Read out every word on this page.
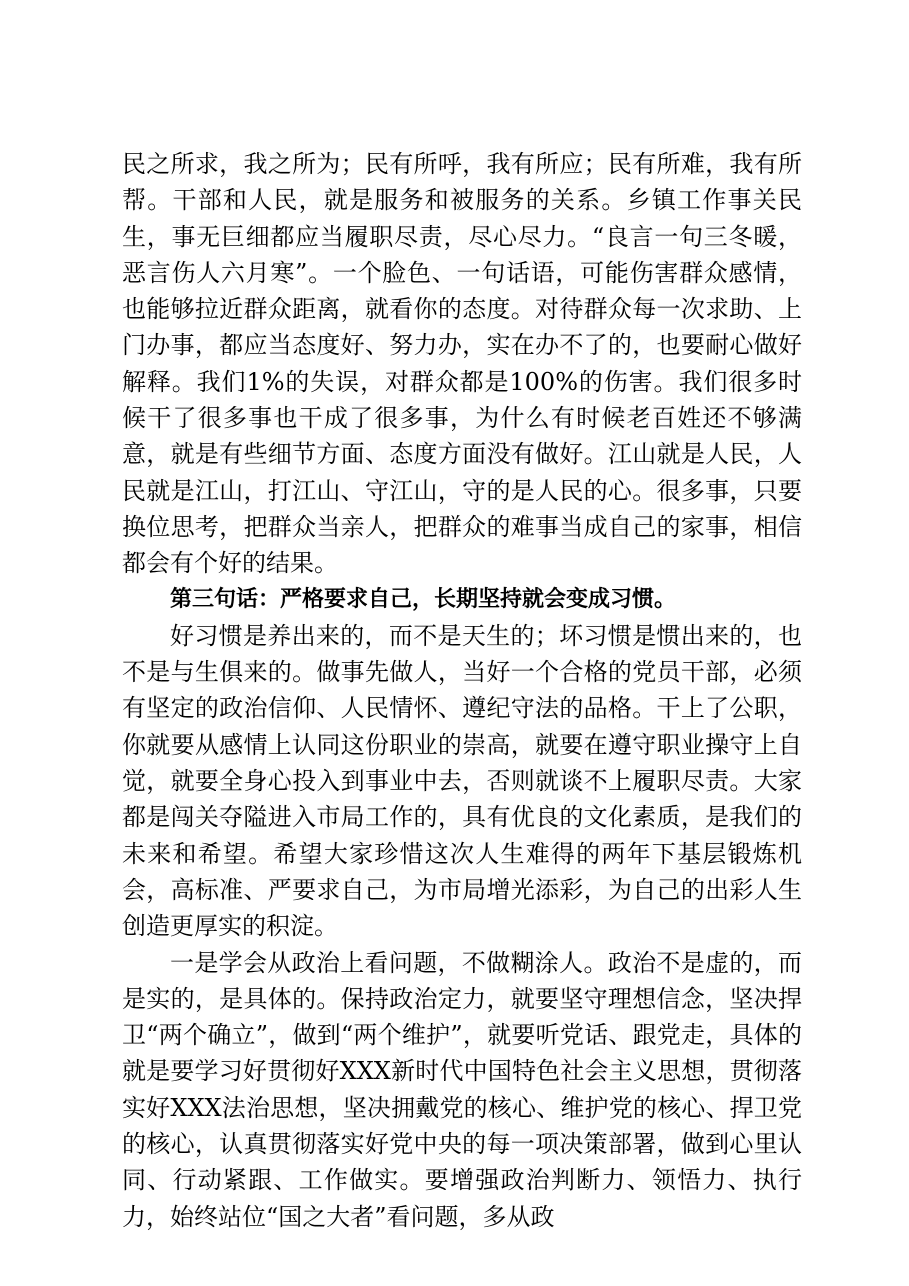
民之所求，我之所为；民有所呼，我有所应；民有所难，我有所帮。干部和人民，就是服务和被服务的关系。乡镇工作事关民生，事无巨细都应当履职尽责，尽心尽力。“良言一句三冬暖，恶言伤人六月寒”。一个脸色、一句话语，可能伤害群众感情，也能够拉近群众距离，就看你的态度。对待群众每一次求助、上门办事，都应当态度好、努力办，实在办不了的，也要耐心做好解释。我们1%的失误，对群众都是100%的伤害。我们很多时候干了很多事也干成了很多事，为什么有时候老百姓还不够满意，就是有些细节方面、态度方面没有做好。江山就是人民，人民就是江山，打江山、守江山，守的是人民的心。很多事，只要换位思考，把群众当亲人，把群众的难事当成自己的家事，相信都会有个好的结果。

第三句话：严格要求自己，长期坚持就会变成习惯。

好习惯是养出来的，而不是天生的；坏习惯是惯出来的，也不是与生俱来的。做事先做人，当好一个合格的党员干部，必须有坚定的政治信仰、人民情怀、遵纪守法的品格。干上了公职，你就要从感情上认同这份职业的崇高，就要在遵守职业操守上自觉，就要全身心投入到事业中去，否则就谈不上履职尽责。大家都是闯关夺隘进入市局工作的，具有优良的文化素质，是我们的未来和希望。希望大家珍惜这次人生难得的两年下基层锻炼机会，高标准、严要求自己，为市局增光添彩，为自己的出彩人生创造更厚实的积淀。

一是学会从政治上看问题，不做糊涂人。政治不是虚的，而是实的，是具体的。保持政治定力，就要坚守理想信念，坚决捍卫“两个确立”，做到“两个维护”，就要听党话、跟党走，具体的就是要学习好贯彻好XXX新时代中国特色社会主义思想，贯彻落实好XXX法治思想，坚决拥戴党的核心、维护党的核心、捍卫党的核心，认真贯彻落实好党中央的每一项决策部署，做到心里认同、行动紧跟、工作做实。要增强政治判断力、领悟力、执行力，始终站位“国之大者”看问题，多从政
